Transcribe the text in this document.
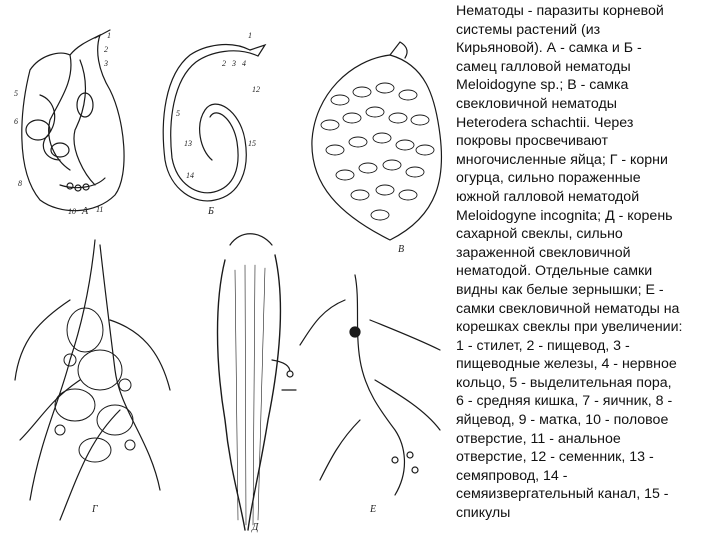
А	Б
В
Г
Д
Е
1
2
3
5
6
8
10	11
1
2 3 4
5
12
13
14
15
Нематоды - паразиты корневой
системы растений (из
Кирьяновой). А - самка и Б -
самец галловой нематоды
Meloidogyne sp.; В - самка
свекловичной нематоды
Heterodera schachtii. Через
покровы просвечивают
многочисленные яйца; Г - корни
огурца, сильно пораженные
южной галловой нематодой
Meloidogyne incognita; Д - корень
сахарной свеклы, сильно
зараженной свекловичной
нематодой. Отдельные самки
видны как белые зернышки; Е -
самки свекловичной нематоды на
корешках свеклы при увеличении:
1 - стилет, 2 - пищевод, 3 -
пищеводные железы, 4 - нервное
кольцо, 5 - выделительная пора,
6 - средняя кишка, 7 - яичник, 8 -
яйцевод, 9 - матка, 10 - половое
отверстие, 11 - анальное
отверстие, 12 - семенник, 13 -
семяпровод, 14 -
семяизвергательный канал, 15 -
спикулы
